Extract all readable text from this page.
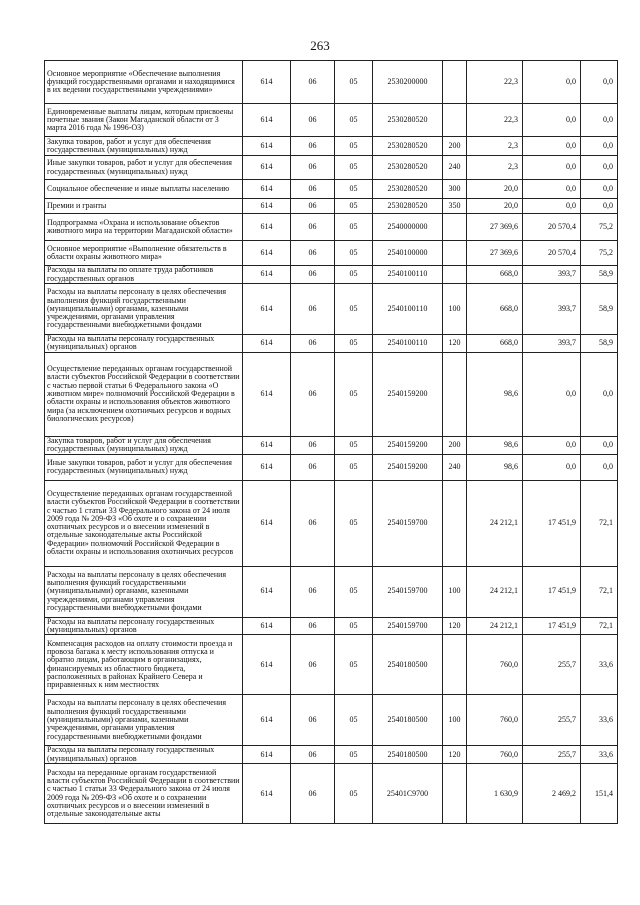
263
Основное мероприятие «Обеспечение выполнения функций государственными органами и находящимися в их ведении государственными учреждениями»	614	06	05	2530200000		22,3	0,0	0,0
Единовременные выплаты лицам, которым присвоены почетные звания (Закон Магаданской области от 3 марта 2016 года № 1996-ОЗ)	614	06	05	2530280520		22,3	0,0	0,0
Закупка товаров, работ и услуг для обеспечения государственных (муниципальных) нужд	614	06	05	2530280520	200	2,3	0,0	0,0
Иные закупки товаров, работ и услуг для обеспечения государственных (муниципальных) нужд	614	06	05	2530280520	240	2,3	0,0	0,0
Социальное обеспечение и иные выплаты населению	614	06	05	2530280520	300	20,0	0,0	0,0
Премии и гранты	614	06	05	2530280520	350	20,0	0,0	0,0
Подпрограмма «Охрана и использование объектов животного мира на территории Магаданской области»	614	06	05	2540000000		27 369,6	20 570,4	75,2
Основное мероприятие «Выполнение обязательств в области охраны животного мира»	614	06	05	2540100000		27 369,6	20 570,4	75,2
Расходы на выплаты по оплате труда работников государственных органов	614	06	05	2540100110		668,0	393,7	58,9
Расходы на выплаты персоналу в целях обеспечения выполнения функций государственными (муниципальными) органами, казенными учреждениями, органами управления государственными внебюджетными фондами	614	06	05	2540100110	100	668,0	393,7	58,9
Расходы на выплаты персоналу государственных (муниципальных) органов	614	06	05	2540100110	120	668,0	393,7	58,9
Осуществление переданных органам государственной власти субъектов Российской Федерации в соответствии с частью первой статьи 6 Федерального закона «О животном мире» полномочий Российской Федерации в области охраны и использования объектов животного мира (за исключением охотничьих ресурсов и водных биологических ресурсов)	614	06	05	2540159200		98,6	0,0	0,0
Закупка товаров, работ и услуг для обеспечения государственных (муниципальных) нужд	614	06	05	2540159200	200	98,6	0,0	0,0
Иные закупки товаров, работ и услуг для обеспечения государственных (муниципальных) нужд	614	06	05	2540159200	240	98,6	0,0	0,0
Осуществление переданных органам государственной власти субъектов Российской Федерации в соответствии с частью 1 статьи 33 Федерального закона от 24 июля 2009 года № 209-ФЗ «Об охоте и о сохранении охотничьих ресурсов и о внесении изменений в отдельные законодательные акты Российской Федерации» полномочий Российской Федерации в области охраны и использования охотничьих ресурсов	614	06	05	2540159700		24 212,1	17 451,9	72,1
Расходы на выплаты персоналу в целях обеспечения выполнения функций государственными (муниципальными) органами, казенными учреждениями, органами управления государственными внебюджетными фондами	614	06	05	2540159700	100	24 212,1	17 451,9	72,1
Расходы на выплаты персоналу государственных (муниципальных) органов	614	06	05	2540159700	120	24 212,1	17 451,9	72,1
Компенсация расходов на оплату стоимости проезда и провоза багажа к месту использования отпуска и обратно лицам, работающим в организациях, финансируемых из областного бюджета, расположенных в районах Крайнего Севера и приравненных к ним местностях	614	06	05	2540180500		760,0	255,7	33,6
Расходы на выплаты персоналу в целях обеспечения выполнения функций государственными (муниципальными) органами, казенными учреждениями, органами управления государственными внебюджетными фондами	614	06	05	2540180500	100	760,0	255,7	33,6
Расходы на выплаты персоналу государственных (муниципальных) органов	614	06	05	2540180500	120	760,0	255,7	33,6
Расходы на переданные органам государственной власти субъектов Российской Федерации в соответствии с частью 1 статьи 33 Федерального закона от 24 июля 2009 года № 209-ФЗ «Об охоте и о сохранении охотничьих ресурсов и о внесении изменений в отдельные законодательные акты	614	06	05	25401С9700		1 630,9	2 469,2	151,4
